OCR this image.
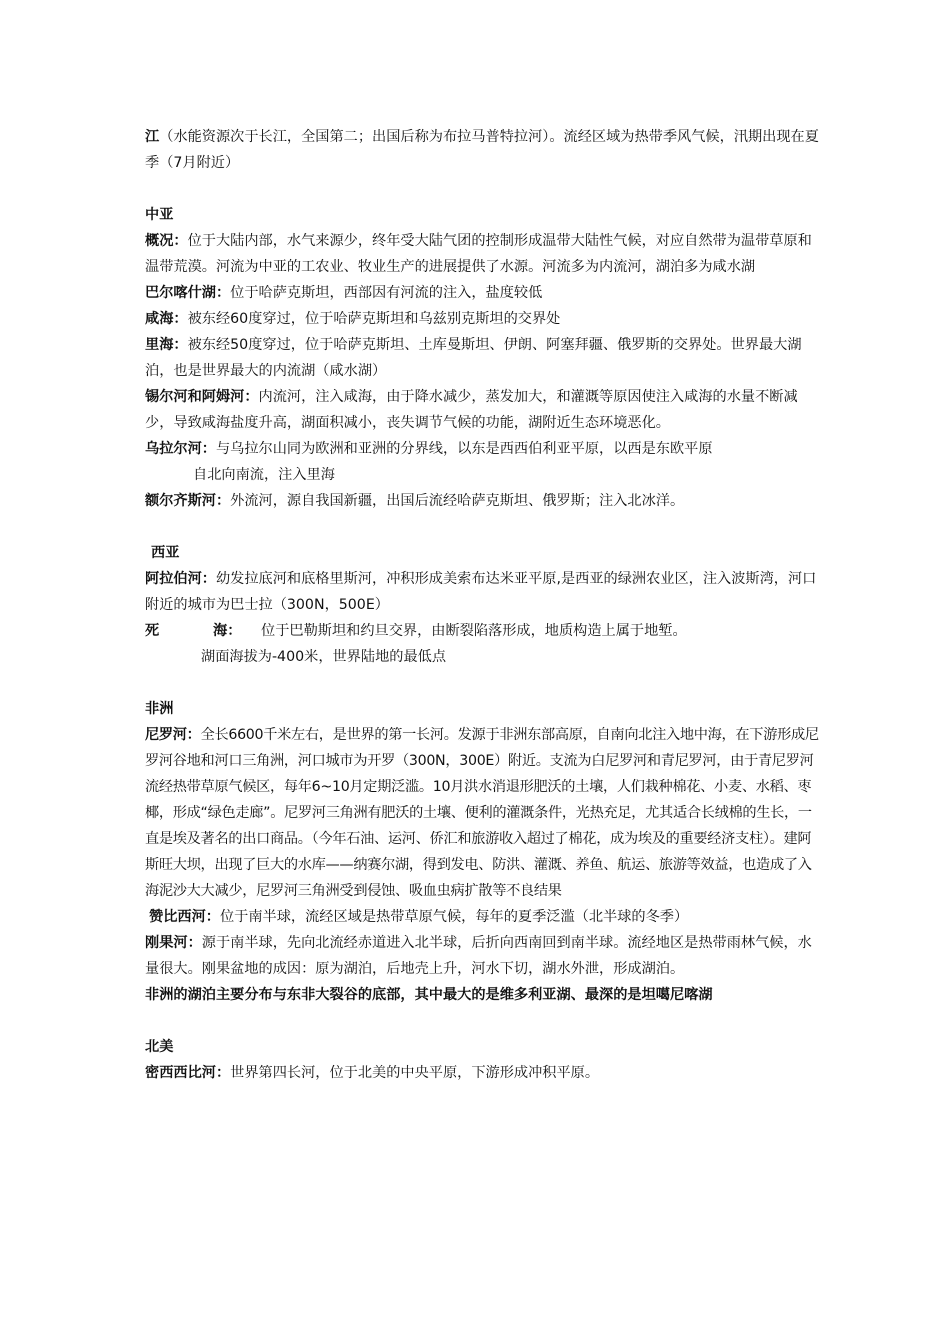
江（水能资源次于长江，全国第二；出国后称为布拉马普特拉河）。流经区域为热带季风气候，汛期出现在夏季（7月附近）

中亚

概况：位于大陆内部，水气来源少，终年受大陆气团的控制形成温带大陆性气候，对应自然带为温带草原和温带荒漠。河流为中亚的工农业、牧业生产的进展提供了水源。河流多为内流河，湖泊多为咸水湖

巴尔喀什湖：位于哈萨克斯坦，西部因有河流的注入，盐度较低

咸海：被东经60度穿过，位于哈萨克斯坦和乌兹别克斯坦的交界处

里海：被东经50度穿过，位于哈萨克斯坦、土库曼斯坦、伊朗、阿塞拜疆、俄罗斯的交界处。世界最大湖泊，也是世界最大的内流湖（咸水湖）

锡尔河和阿姆河：内流河，注入咸海，由于降水减少，蒸发加大，和灌溉等原因使注入咸海的水量不断减少，导致咸海盐度升高，湖面积减小，丧失调节气候的功能，湖附近生态环境恶化。

乌拉尔河：与乌拉尔山同为欧洲和亚洲的分界线，以东是西西伯利亚平原，以西是东欧平原

自北向南流，注入里海

额尔齐斯河：外流河，源自我国新疆，出国后流经哈萨克斯坦、俄罗斯；注入北冰洋。

西亚

阿拉伯河：幼发拉底河和底格里斯河，冲积形成美索布达米亚平原,是西亚的绿洲农业区，注入波斯湾，河口附近的城市为巴士拉（300N，500E）

死	海： 位于巴勒斯坦和约旦交界，由断裂陷落形成，地质构造上属于地堑。

湖面海拔为-400米，世界陆地的最低点

非洲

尼罗河：全长6600千米左右，是世界的第一长河。发源于非洲东部高原，自南向北注入地中海，在下游形成尼罗河谷地和河口三角洲，河口城市为开罗（300N，300E）附近。支流为白尼罗河和青尼罗河，由于青尼罗河流经热带草原气候区，每年6~10月定期泛滥。10月洪水消退形肥沃的土壤，人们栽种棉花、小麦、水稻、枣椰，形成“绿色走廊”。尼罗河三角洲有肥沃的土壤、便利的灌溉条件，光热充足，尤其适合长绒棉的生长，一直是埃及著名的出口商品。（今年石油、运河、侨汇和旅游收入超过了棉花，成为埃及的重要经济支柱）。建阿斯旺大坝，出现了巨大的水库——纳赛尔湖，得到发电、防洪、灌溉、养鱼、航运、旅游等效益，也造成了入海泥沙大大减少，尼罗河三角洲受到侵蚀、吸血虫病扩散等不良结果

赞比西河：位于南半球，流经区域是热带草原气候，每年的夏季泛滥（北半球的冬季）

刚果河：源于南半球，先向北流经赤道进入北半球，后折向西南回到南半球。流经地区是热带雨林气候，水量很大。刚果盆地的成因：原为湖泊，后地壳上升，河水下切，湖水外泄，形成湖泊。

非洲的湖泊主要分布与东非大裂谷的底部，其中最大的是维多利亚湖、最深的是坦噶尼喀湖

北美

密西西比河：世界第四长河，位于北美的中央平原，下游形成冲积平原。
